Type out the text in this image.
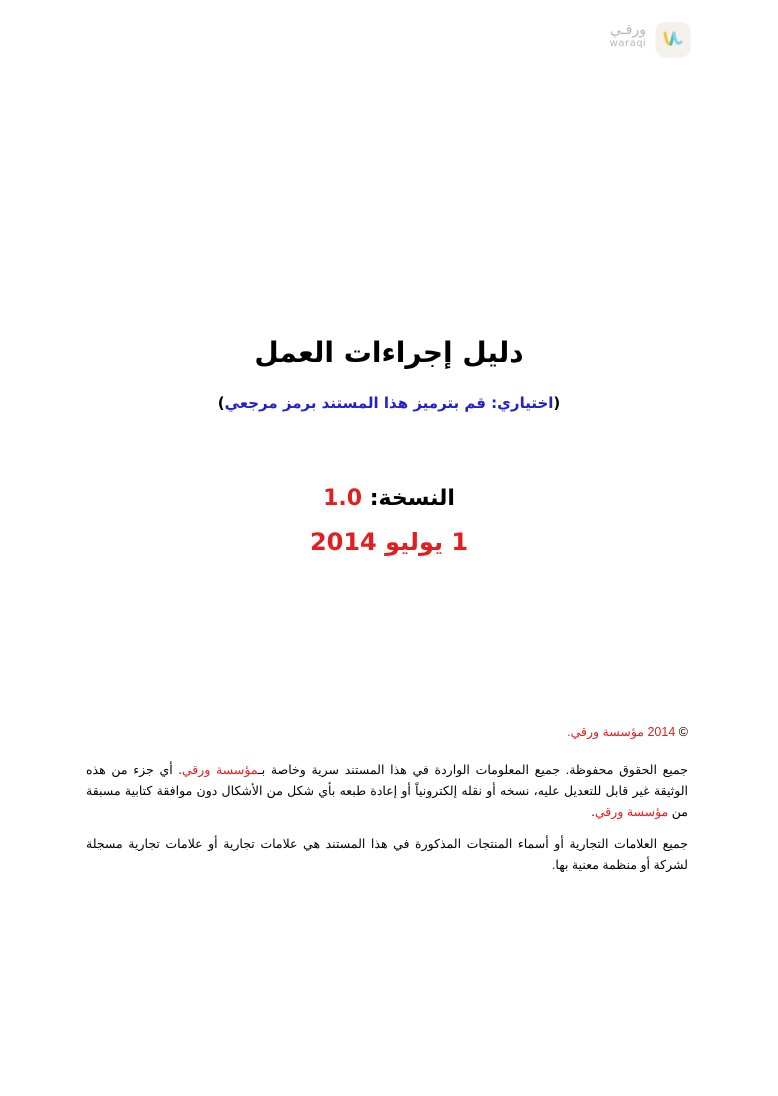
ورقـي
waraqi
دليل إجراءات العمل
(اختياري: قم بترميز هذا المستند برمز مرجعي)
النسخة: 1.0
1 يوليو 2014
© 2014 مؤسسة ورقي.
جميع الحقوق محفوظة. جميع المعلومات الواردة في هذا المستند سرية وخاصة بـمؤسسة ورقي. أي جزء من هذه الوثيقة غير قابل للتعديل عليه، نسخه أو نقله إلكترونياً أو إعادة طبعه بأي شكل من الأشكال دون موافقة كتابية مسبقة من مؤسسة ورقي.
جميع العلامات التجارية أو أسماء المنتجات المذكورة في هذا المستند هي علامات تجارية أو علامات تجارية مسجلة لشركة أو منظمة معنية بها.
